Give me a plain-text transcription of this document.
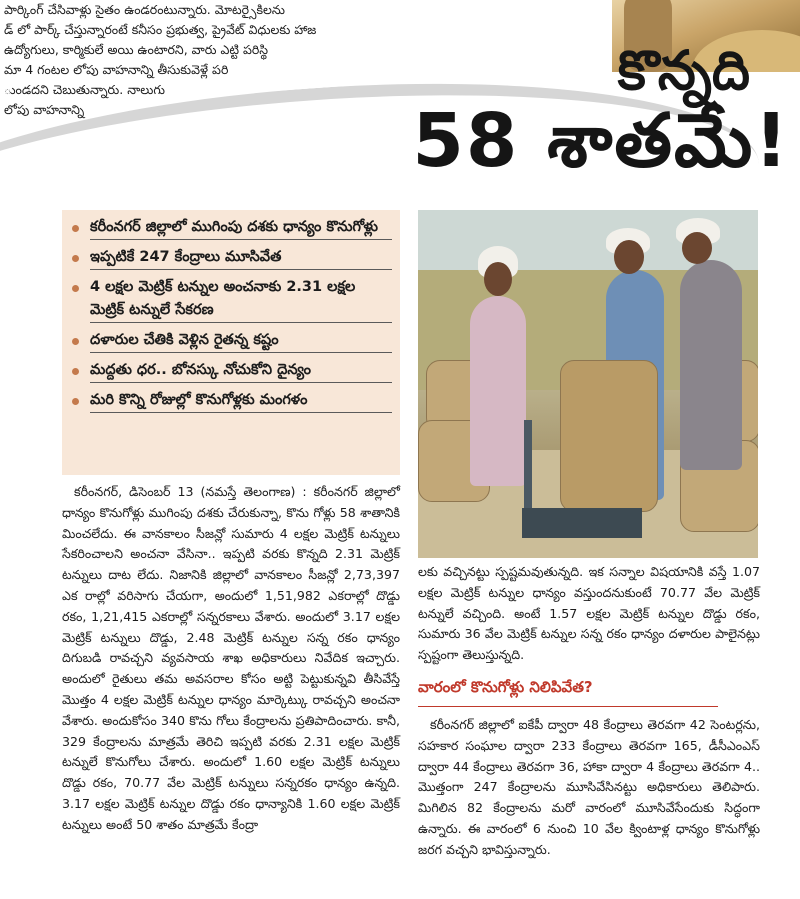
పార్కింగ్ చేసివాళ్లు సైతం ఉండరంటున్నారు. మోటర్సైకిలను
డ్ లో పార్క్ చేస్తున్నారంటే కనీసం ప్రభుత్వ, ప్రైవేట్ విధులకు హాజ
ఉద్యోగులు, కార్మికులే అయి ఉంటారని, వారు ఎట్టి పరిస్థి
మా 4 గంటల లోపు వాహనాన్ని తీసుకువెళ్లే పరి
ుండదని చెబుతున్నారు. నాలుగు
లోపు వాహనాన్ని
కొన్నది
58 శాతమే!
కరీంనగర్ జిల్లాలో ముగింపు దశకు ధాన్యం కొనుగోళ్లు
ఇప్పటికే 247 కేంద్రాలు మూసివేత
4 లక్షల మెట్రిక్ టన్నుల అంచనాకు 2.31 లక్షల మెట్రిక్ టన్నులే సేకరణ
దళారుల చేతికి వెళ్లిన రైతన్న కష్టం
మద్దతు ధర.. బోనస్కు నోచుకోని దైన్యం
మరి కొన్ని రోజుల్లో కొనుగోళ్లకు మంగళం

కరీంనగర్, డిసెంబర్ 13 (నమస్తే తెలంగాణ) : కరీంనగర్ జిల్లాలో ధాన్యం కొనుగోళ్లు ముగింపు దశకు చేరుకున్నా, కొను గోళ్లు 58 శాతానికి మించలేదు. ఈ వానకాలం సీజన్లో సుమారు 4 లక్షల మెట్రిక్ టన్నులు సేకరించాలని అంచనా వేసినా.. ఇప్పటి వరకు కొన్నది 2.31 మెట్రిక్ టన్నులు దాట లేదు. నిజానికి జిల్లాలో వానకాలం సీజన్లో 2,73,397 ఎక రాల్లో వరిసాగు చేయగా, అందులో 1,51,982 ఎకరాల్లో దొడ్డు రకం, 1,21,415 ఎకరాల్లో సన్నరకాలు వేశారు. అందులో 3.17 లక్షల మెట్రిక్ టన్నులు దొడ్డు, 2.48 మెట్రిక్ టన్నుల సన్న రకం ధాన్యం దిగుబడి రావచ్చని వ్యవసాయ శాఖ అధికారులు నివేదిక ఇచ్చారు. అందులో రైతులు తమ అవసరాల కోసం అట్టి పెట్టుకున్నవి తీసివేస్తే మొత్తం 4 లక్షల మెట్రిక్ టన్నుల ధాన్యం మార్కెట్కు రావచ్చని అంచనా వేశారు. అందుకోసం 340 కొను గోలు కేంద్రాలను ప్రతిపాదించారు. కానీ, 329 కేంద్రాలను మాత్రమే తెరిచి ఇప్పటి వరకు 2.31 లక్షల మెట్రిక్ టన్నులే కొనుగోలు చేశారు. అందులో 1.60 లక్షల మెట్రిక్ టన్నులు దొడ్డు రకం, 70.77 వేల మెట్రిక్ టన్నులు సన్నరకం ధాన్యం ఉన్నది. 3.17 లక్షల మెట్రిక్ టన్నుల దొడ్డు రకం ధాన్యానికి 1.60 లక్షల మెట్రిక్ టన్నులు అంటే 50 శాతం మాత్రమే కేంద్రా

లకు వచ్చినట్టు స్పష్టమవుతున్నది. ఇక సన్నాల విషయానికి వస్తే 1.07 లక్షల మెట్రిక్ టన్నుల ధాన్యం వస్తుందనుకుంటే 70.77 వేల మెట్రిక్ టన్నులే వచ్చింది. అంటే 1.57 లక్షల మెట్రిక్ టన్నుల దొడ్డు రకం, సుమారు 36 వేల మెట్రిక్ టన్నుల సన్న రకం ధాన్యం దళారుల పాలైనట్లు స్పష్టంగా తెలుస్తున్నది.

వారంలో కొనుగోళ్లు నిలిపివేత?

కరీంనగర్ జిల్లాలో ఐకేపీ ద్వారా 48 కేంద్రాలు తెరవగా 42 సెంటర్లను, సహకార సంఘాల ద్వారా 233 కేంద్రాలు తెరవగా 165, డీసీఎంఎస్ ద్వారా 44 కేంద్రాలు తెరవగా 36, హాకా ద్వారా 4 కేంద్రాలు తెరవగా 4.. మొత్తంగా 247 కేంద్రాలను మూసివేసినట్టు అధికారులు తెలిపారు. మిగిలిన 82 కేంద్రాలను మరో వారంలో మూసివేసేందుకు సిద్ధంగా ఉన్నారు. ఈ వారంలో 6 నుంచి 10 వేల క్వింటాళ్ల ధాన్యం కొనుగోళ్లు జరగ వచ్చని భావిస్తున్నారు.
